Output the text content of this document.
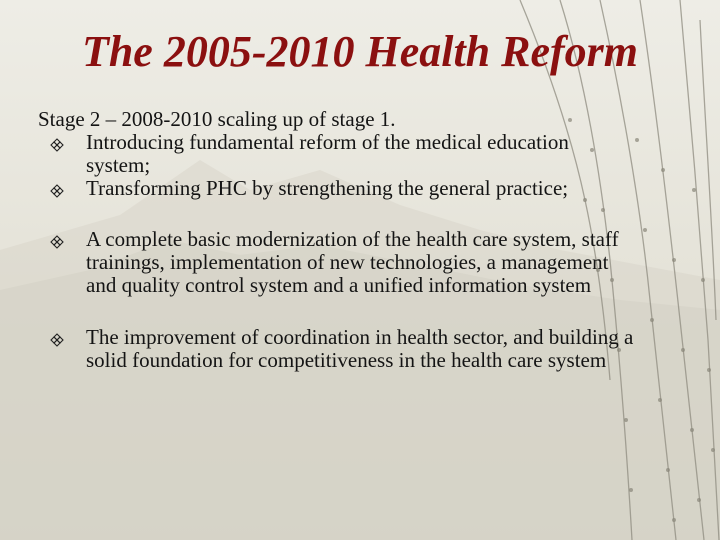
The 2005-2010 Health Reform
Stage 2 – 2008-2010 scaling up of stage 1.
Introducing fundamental reform of the medical education system;
Transforming PHC by strengthening the general practice;
A complete basic modernization of the health care system, staff trainings, implementation of new technologies, a management and quality control system and a unified information system
The improvement of coordination in health sector, and building a solid foundation for competitiveness in the health care system
